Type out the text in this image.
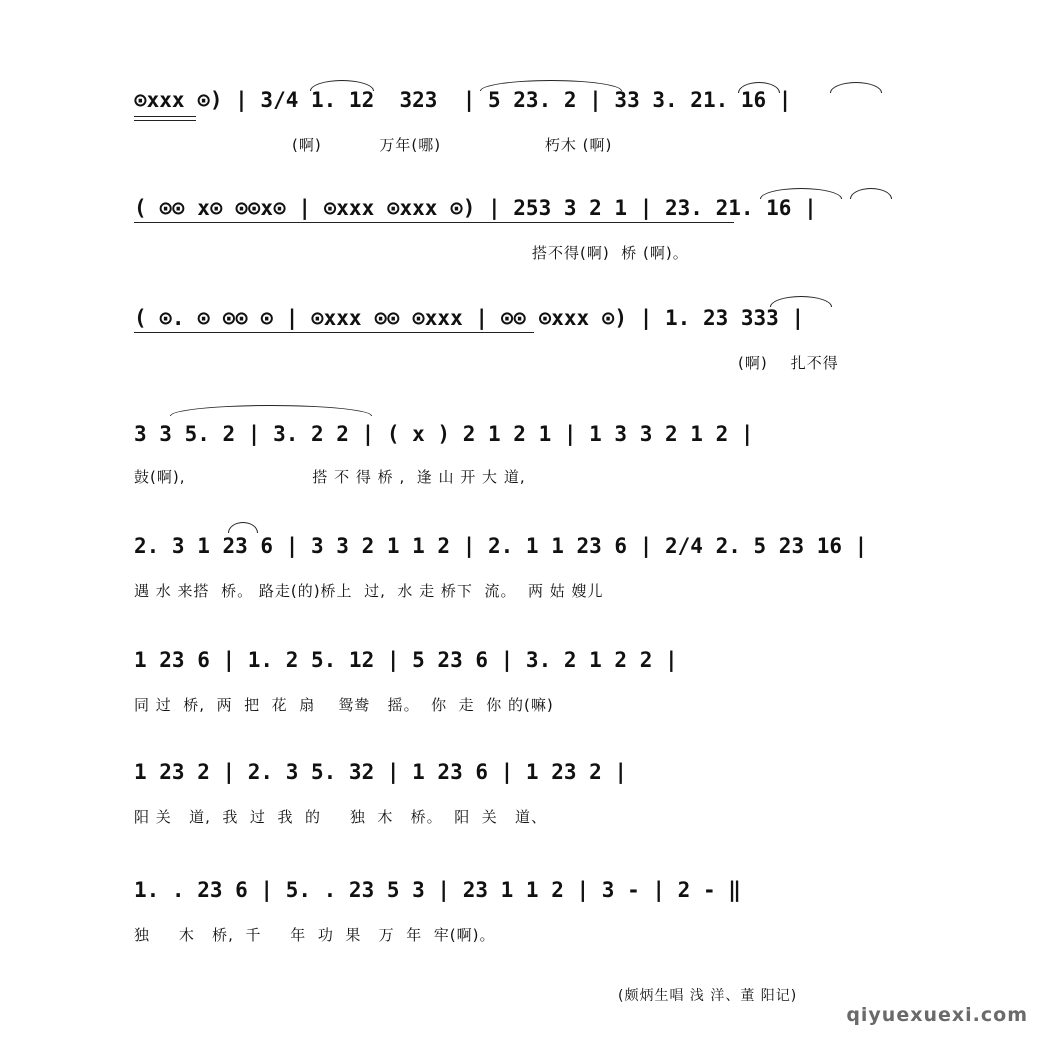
⊙xxx ⊙) | 3/4 1. 12  323  | 5 23. 2 | 33 3. 21. 16 |
(啊)          万年(哪)                  朽木 (啊)
( ⊙⊙ x⊙ ⊙⊙x⊙ | ⊙xxx ⊙xxx ⊙) | 253 3 2 1 | 23. 21. 16 |
搭不得(啊)  桥 (啊)。
( ⊙. ⊙ ⊙⊙ ⊙ | ⊙xxx ⊙⊙ ⊙xxx | ⊙⊙ ⊙xxx ⊙) | 1. 23 333 |
(啊)    扎不得
3 3 5. 2 | 3. 2 2 | ( x ) 2 1 2 1 | 1 3 3 2 1 2 |
鼓(啊),                      搭 不 得 桥 ,  逢 山 开 大 道,
2. 3 1 23 6 | 3 3 2 1 1 2 | 2. 1 1 23 6 | 2/4 2. 5 23 16 |
遇 水 来搭  桥。 路走(的)桥上  过,  水 走 桥下  流。  两 姑 嫂儿
1 23 6 | 1. 2 5. 12 | 5 23 6 | 3. 2 1 2 2 |
同 过  桥,  两  把  花  扇    鸳鸯   摇。  你  走  你 的(嘛)
1 23 2 | 2. 3 5. 32 | 1 23 6 | 1 23 2 |
阳 关   道,  我  过  我  的     独  木   桥。  阳  关   道、
1. . 23 6 | 5. . 23 5 3 | 23 1 1 2 | 3 - | 2 - ‖
独     木   桥,  千     年  功  果   万  年  牢(啊)。
(颇炳生唱 浅 洋、董 阳记)
qiyuexuexi.com
